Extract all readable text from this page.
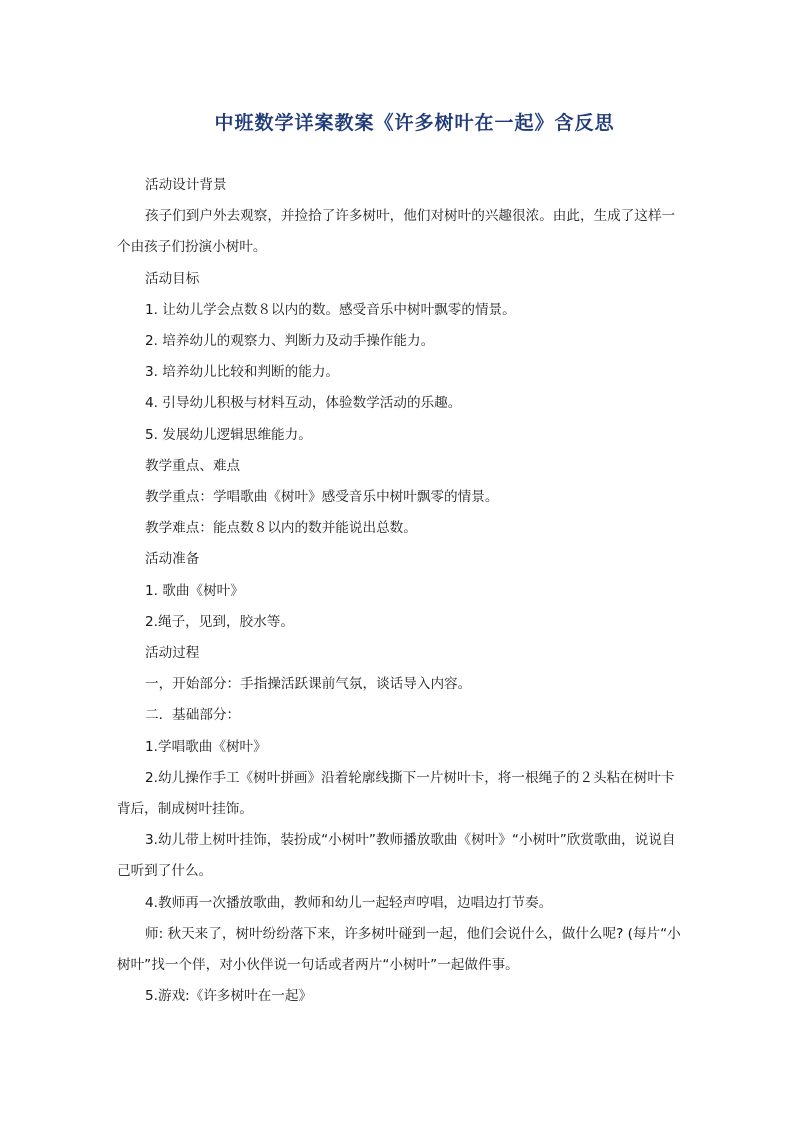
中班数学详案教案《许多树叶在一起》含反思

活动设计背景

孩子们到户外去观察，并捡拾了许多树叶，他们对树叶的兴趣很浓。由此，生成了这样一个由孩子们扮演小树叶。

活动目标

1. 让幼儿学会点数８以内的数。感受音乐中树叶飘零的情景。

2. 培养幼儿的观察力、判断力及动手操作能力。

3. 培养幼儿比较和判断的能力。

4. 引导幼儿积极与材料互动，体验数学活动的乐趣。

5. 发展幼儿逻辑思维能力。

教学重点、难点

教学重点：学唱歌曲《树叶》感受音乐中树叶飘零的情景。

教学难点：能点数８以内的数并能说出总数。

活动准备

1. 歌曲《树叶》

2.绳子，见到，胶水等。

活动过程

一，开始部分：手指操活跃课前气氛，谈话导入内容。

二．基础部分：

1.学唱歌曲《树叶》

2.幼儿操作手工《树叶拼画》沿着轮廓线撕下一片树叶卡，将一根绳子的２头粘在树叶卡背后，制成树叶挂饰。

3.幼儿带上树叶挂饰，装扮成“小树叶”教师播放歌曲《树叶》“小树叶”欣赏歌曲，说说自己听到了什么。

4.教师再一次播放歌曲，教师和幼儿一起轻声哼唱，边唱边打节奏。

师: 秋天来了，树叶纷纷落下来，许多树叶碰到一起，他们会说什么，做什么呢? (每片“小树叶”找一个伴，对小伙伴说一句话或者两片“小树叶”一起做件事。

5.游戏:《许多树叶在一起》
